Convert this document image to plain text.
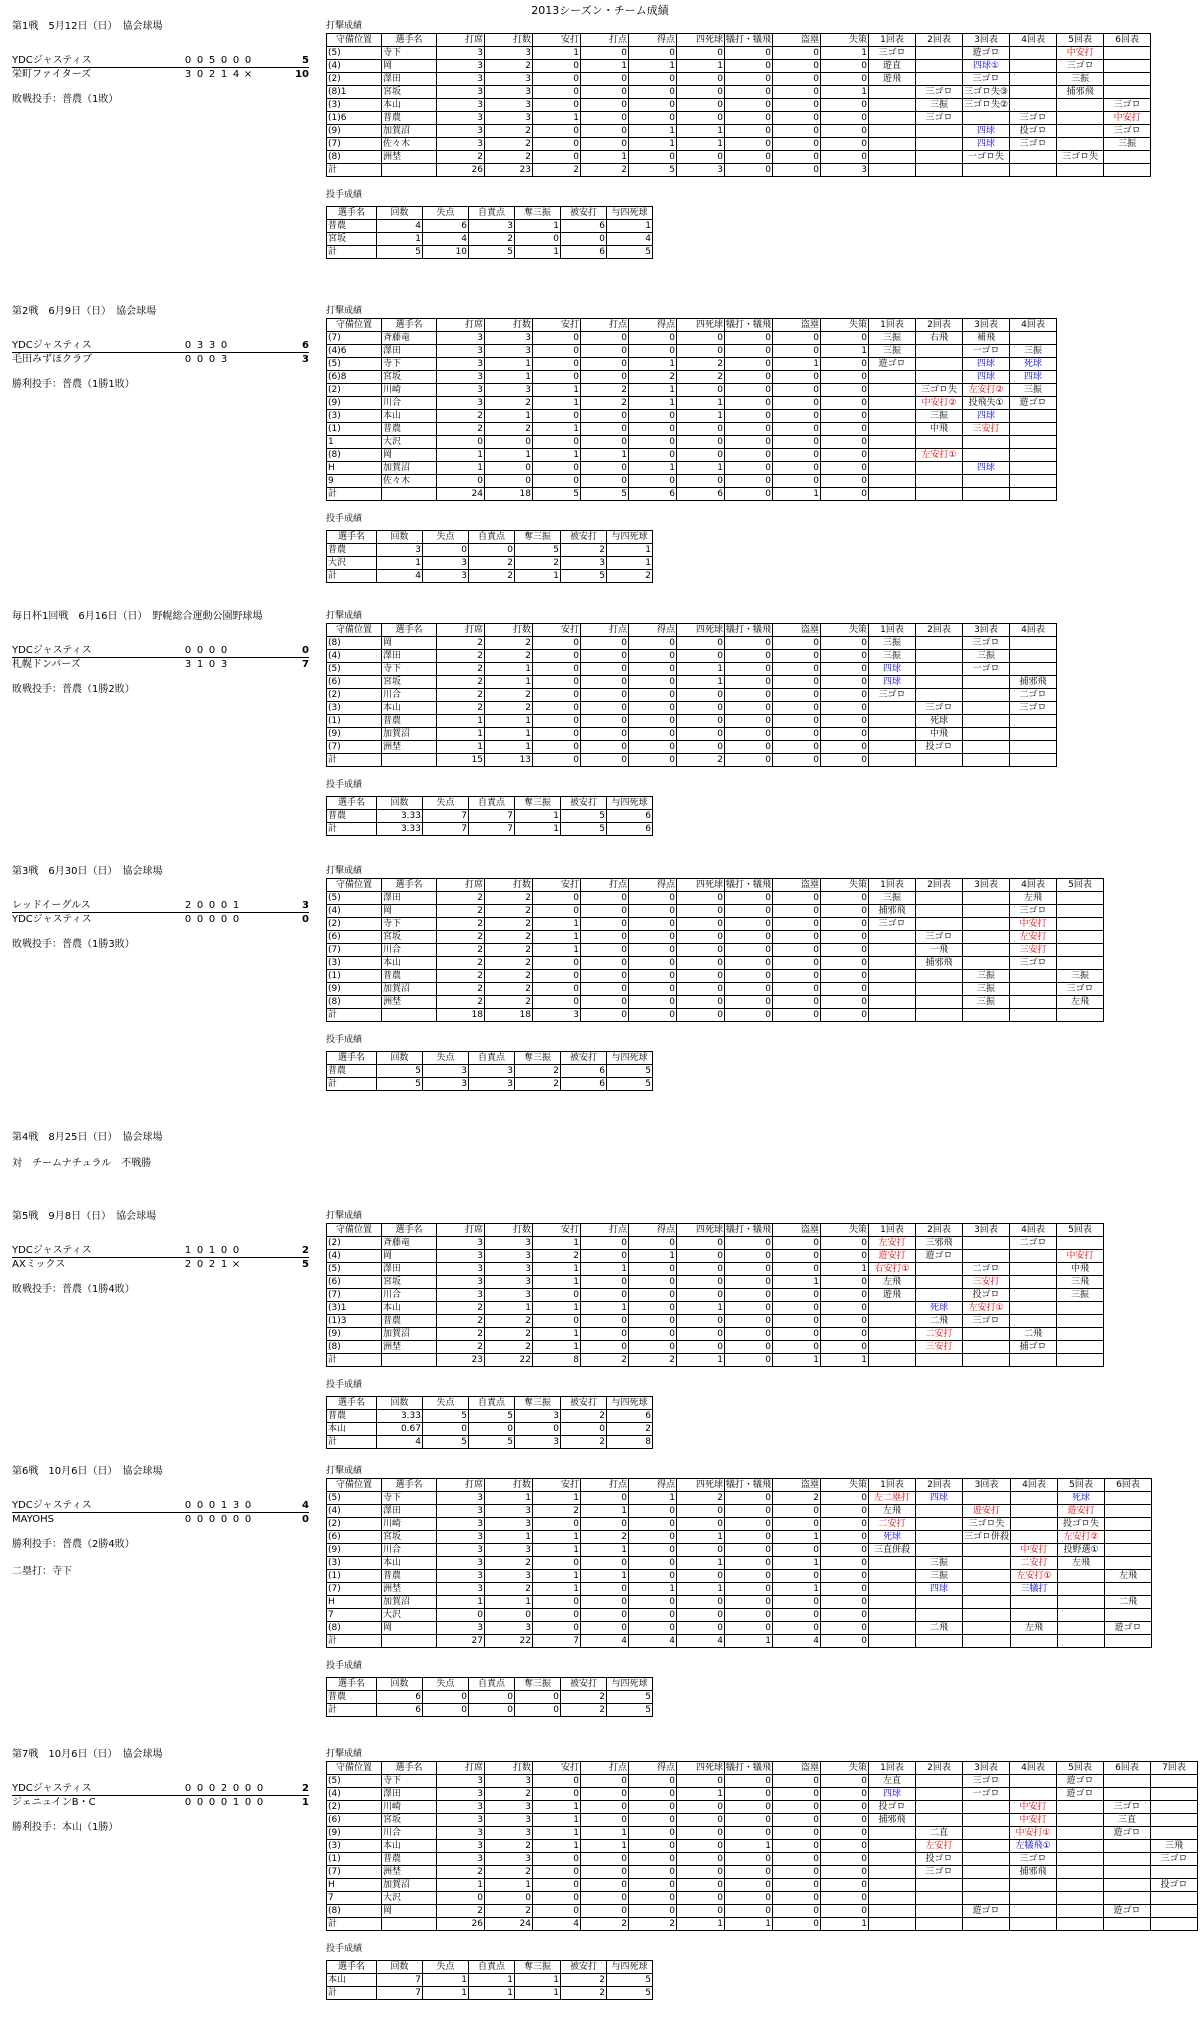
2013シーズン・チーム成績
第1戦　5月12日（日）　協会球場
YDCジャスティス	0 0 5 0 0 0	5
栄町ファイターズ	3 0 2 1 4 ×	10
敗戦投手：普農（1敗）
打撃成績
守備位置	選手名	打席	打数	安打	打点	得点	四死球	犠打・犠飛	盗塁	失策	1回表	2回表	3回表	4回表	5回表	6回表
(5)	寺下	3	3	1	0	0	0	0	0	1	三ゴロ		遊ゴロ		中安打	
(4)	岡	3	2	0	1	1	1	0	0	0	遊直		四球①		三ゴロ	
(2)	澤田	3	3	0	0	0	0	0	0	0	遊飛		三ゴロ		三振	
(8)1	宮坂	3	3	0	0	0	0	0	0	1		三ゴロ	三ゴロ失③		捕邪飛	
(3)	本山	3	3	0	0	0	0	0	0	0		三振	三ゴロ失②			三ゴロ
(1)6	普農	3	3	1	0	0	0	0	0	0		三ゴロ		三ゴロ		中安打
(9)	加賀沼	3	2	0	0	1	1	0	0	0			四球	投ゴロ		三ゴロ
(7)	佐々木	3	2	0	0	1	1	0	0	0			四球	三ゴロ		三振
(8)	洲埜	2	2	0	1	0	0	0	0	0			一ゴロ失		三ゴロ失	
計		26	23	2	2	5	3	0	0	3						
投手成績
選手名	回数	失点	自責点	奪三振	被安打	与四死球
普農	4	6	3	1	6	1
宮坂	1	4	2	0	0	4
計	5	10	5	1	6	5
第2戦　6月9日（日）　協会球場
YDCジャスティス	0 3 3 0	6
毛田みずほクラブ	0 0 0 3	3
勝利投手：普農（1勝1敗）
打撃成績
守備位置	選手名	打席	打数	安打	打点	得点	四死球	犠打・犠飛	盗塁	失策	1回表	2回表	3回表	4回表
(7)	斉藤竜	3	3	0	0	0	0	0	0	0	三振	右飛	補飛	
(4)6	澤田	3	3	0	0	0	0	0	0	1	三振		一ゴロ	三振
(5)	寺下	3	1	0	0	1	2	0	1	0	遊ゴロ		四球	死球
(6)8	宮坂	3	1	0	0	2	2	0	0	0			四球	四球
(2)	川崎	3	3	1	2	1	0	0	0	0		三ゴロ失	左安打②	三振
(9)	川合	3	2	1	2	1	1	0	0	0		中安打②	投飛失①	遊ゴロ
(3)	本山	2	1	0	0	0	1	0	0	0		三振	四球	
(1)	普農	2	2	1	0	0	0	0	0	0		中飛	三安打	
1	大沢	0	0	0	0	0	0	0	0	0				
(8)	岡	1	1	1	1	0	0	0	0	0		左安打①		
H	加賀沼	1	0	0	0	1	1	0	0	0			四球	
9	佐々木	0	0	0	0	0	0	0	0	0				
計		24	18	5	5	6	6	0	1	0				
投手成績
選手名	回数	失点	自責点	奪三振	被安打	与四死球
普農	3	0	0	5	2	1
大沢	1	3	2	2	3	1
計	4	3	2	1	5	2
毎日杯1回戦　6月16日（日）　野幌総合運動公園野球場
YDCジャスティス	0 0 0 0	0
札幌ドンパーズ	3 1 0 3	7
敗戦投手：普農（1勝2敗）
打撃成績
守備位置	選手名	打席	打数	安打	打点	得点	四死球	犠打・犠飛	盗塁	失策	1回表	2回表	3回表	4回表
(8)	岡	2	2	0	0	0	0	0	0	0	三振		三ゴロ	
(4)	澤田	2	2	0	0	0	0	0	0	0	三振		三振	
(5)	寺下	2	1	0	0	0	1	0	0	0	四球		一ゴロ	
(6)	宮坂	2	1	0	0	0	1	0	0	0	四球			捕邪飛
(2)	川合	2	2	0	0	0	0	0	0	0	三ゴロ			二ゴロ
(3)	本山	2	2	0	0	0	0	0	0	0		三ゴロ		三ゴロ
(1)	普農	1	1	0	0	0	0	0	0	0		死球		
(9)	加賀沼	1	1	0	0	0	0	0	0	0		中飛		
(7)	洲埜	1	1	0	0	0	0	0	0	0		投ゴロ		
計		15	13	0	0	0	2	0	0	0				
投手成績
選手名	回数	失点	自責点	奪三振	被安打	与四死球
普農	3.33	7	7	1	5	6
計	3.33	7	7	1	5	6
第3戦　6月30日（日）　協会球場
レッドイーグルス	2 0 0 0 1	3
YDCジャスティス	0 0 0 0 0	0
敗戦投手：普農（1勝3敗）
打撃成績
守備位置	選手名	打席	打数	安打	打点	得点	四死球	犠打・犠飛	盗塁	失策	1回表	2回表	3回表	4回表	5回表
(5)	澤田	2	2	0	0	0	0	0	0	0	三振			左飛	
(4)	岡	2	2	0	0	0	0	0	0	0	捕邪飛			三ゴロ	
(2)	寺下	2	2	1	0	0	0	0	0	0	三ゴロ			中安打	
(6)	宮坂	2	2	1	0	0	0	0	0	0		三ゴロ		左安打	
(7)	川合	2	2	1	0	0	0	0	0	0		一飛		三安打	
(3)	本山	2	2	0	0	0	0	0	0	0		捕邪飛		三ゴロ	
(1)	普農	2	2	0	0	0	0	0	0	0			三振		三振
(9)	加賀沼	2	2	0	0	0	0	0	0	0			三振		三ゴロ
(8)	洲埜	2	2	0	0	0	0	0	0	0			三振		左飛
計		18	18	3	0	0	0	0	0	0					
投手成績
選手名	回数	失点	自責点	奪三振	被安打	与四死球
普農	5	3	3	2	6	5
計	5	3	3	2	6	5
第5戦　9月8日（日）　協会球場
YDCジャスティス	1 0 1 0 0	2
AXミックス	2 0 2 1 ×	5
敗戦投手：普農（1勝4敗）
打撃成績
守備位置	選手名	打席	打数	安打	打点	得点	四死球	犠打・犠飛	盗塁	失策	1回表	2回表	3回表	4回表	5回表
(2)	斉藤竜	3	3	1	0	0	0	0	0	0	左安打	三邪飛		二ゴロ	
(4)	岡	3	3	2	0	1	0	0	0	0	遊安打	遊ゴロ			中安打
(5)	澤田	3	3	1	1	0	0	0	0	1	右安打①		二ゴロ		中飛
(6)	宮坂	3	3	1	0	0	0	0	1	0	左飛		三安打		三飛
(7)	川合	3	3	0	0	0	0	0	0	0	遊飛		投ゴロ		三振
(3)1	本山	2	1	1	1	0	1	0	0	0		死球	左安打①		
(1)3	普農	2	2	0	0	0	0	0	0	0		二飛	三ゴロ		
(9)	加賀沼	2	2	1	0	0	0	0	0	0		二安打		二飛	
(8)	洲埜	2	2	1	0	0	0	0	0	0		三安打		捕ゴロ	
計		23	22	8	2	2	1	0	1	1					
投手成績
選手名	回数	失点	自責点	奪三振	被安打	与四死球
普農	3.33	5	5	3	2	6
本山	0.67	0	0	0	0	2
計	4	5	5	3	2	8
第6戦　10月6日（日）　協会球場
YDCジャスティス	0 0 0 1 3 0	4
MAYOHS	0 0 0 0 0 0	0
勝利投手：普農（2勝4敗）
二塁打：寺下
打撃成績
守備位置	選手名	打席	打数	安打	打点	得点	四死球	犠打・犠飛	盗塁	失策	1回表	2回表	3回表	4回表	5回表	6回表
(5)	寺下	3	1	1	0	1	2	0	2	0	左二塁打	四球			死球	
(4)	澤田	3	3	2	1	0	0	0	0	0	左飛		遊安打		遊安打	
(2)	川崎	3	3	0	0	0	0	0	0	0	二安打		三ゴロ失		投ゴロ失	
(6)	宮坂	3	1	1	2	0	1	0	1	0	死球		三ゴロ併殺		左安打②	
(9)	川合	3	3	1	1	0	0	0	0	0	三直併殺			中安打	投野選①	
(3)	本山	3	2	0	0	0	1	0	1	0		三振		二安打	左飛	
(1)	普農	3	3	1	1	0	0	0	0	0		三振		左安打①		左飛
(7)	洲埜	3	2	1	0	1	1	0	1	0		四球		三犠打		
H	加賀沼	1	1	0	0	0	0	0	0	0						二飛
7	大沢	0	0	0	0	0	0	0	0	0						
(8)	岡	3	3	0	0	0	0	0	0	0		二飛		左飛		遊ゴロ
計		27	22	7	4	4	4	1	4	0						
投手成績
選手名	回数	失点	自責点	奪三振	被安打	与四死球
普農	6	0	0	0	2	5
計	6	0	0	0	2	5
第7戦　10月6日（日）　協会球場
YDCジャスティス	0 0 0 2 0 0 0	2
ジェニュインB・C	0 0 0 0 1 0 0	1
勝利投手：本山（1勝）
打撃成績
守備位置	選手名	打席	打数	安打	打点	得点	四死球	犠打・犠飛	盗塁	失策	1回表	2回表	3回表	4回表	5回表	6回表	7回表
(5)	寺下	3	3	0	0	0	0	0	0	0	左直		三ゴロ		遊ゴロ		
(4)	澤田	3	2	0	0	0	1	0	0	0	四球		一ゴロ		遊ゴロ		
(2)	川崎	3	3	1	0	0	0	0	0	0	投ゴロ			中安打		三ゴロ	
(6)	宮坂	3	3	1	0	0	0	0	0	0	捕邪飛			中安打		三直	
(9)	川合	3	3	1	1	0	0	0	0	0		二直		中安打①		遊ゴロ	
(3)	本山	3	2	1	1	0	0	1	0	0		左安打		左犠飛①			三飛
(1)	普農	3	3	0	0	0	0	0	0	0		投ゴロ		三ゴロ			三ゴロ
(7)	洲埜	2	2	0	0	0	0	0	0	0		三ゴロ		捕邪飛			
H	加賀沼	1	1	0	0	0	0	0	0	0							投ゴロ
7	大沢	0	0	0	0	0	0	0	0	0							
(8)	岡	2	2	0	0	0	0	0	0	0			遊ゴロ			遊ゴロ	
計		26	24	4	2	2	1	1	0	1							
投手成績
選手名	回数	失点	自責点	奪三振	被安打	与四死球
本山	7	1	1	1	2	5
計	7	1	1	1	2	5
第4戦　8月25日（日）　協会球場
対　チームナチュラル　不戦勝
